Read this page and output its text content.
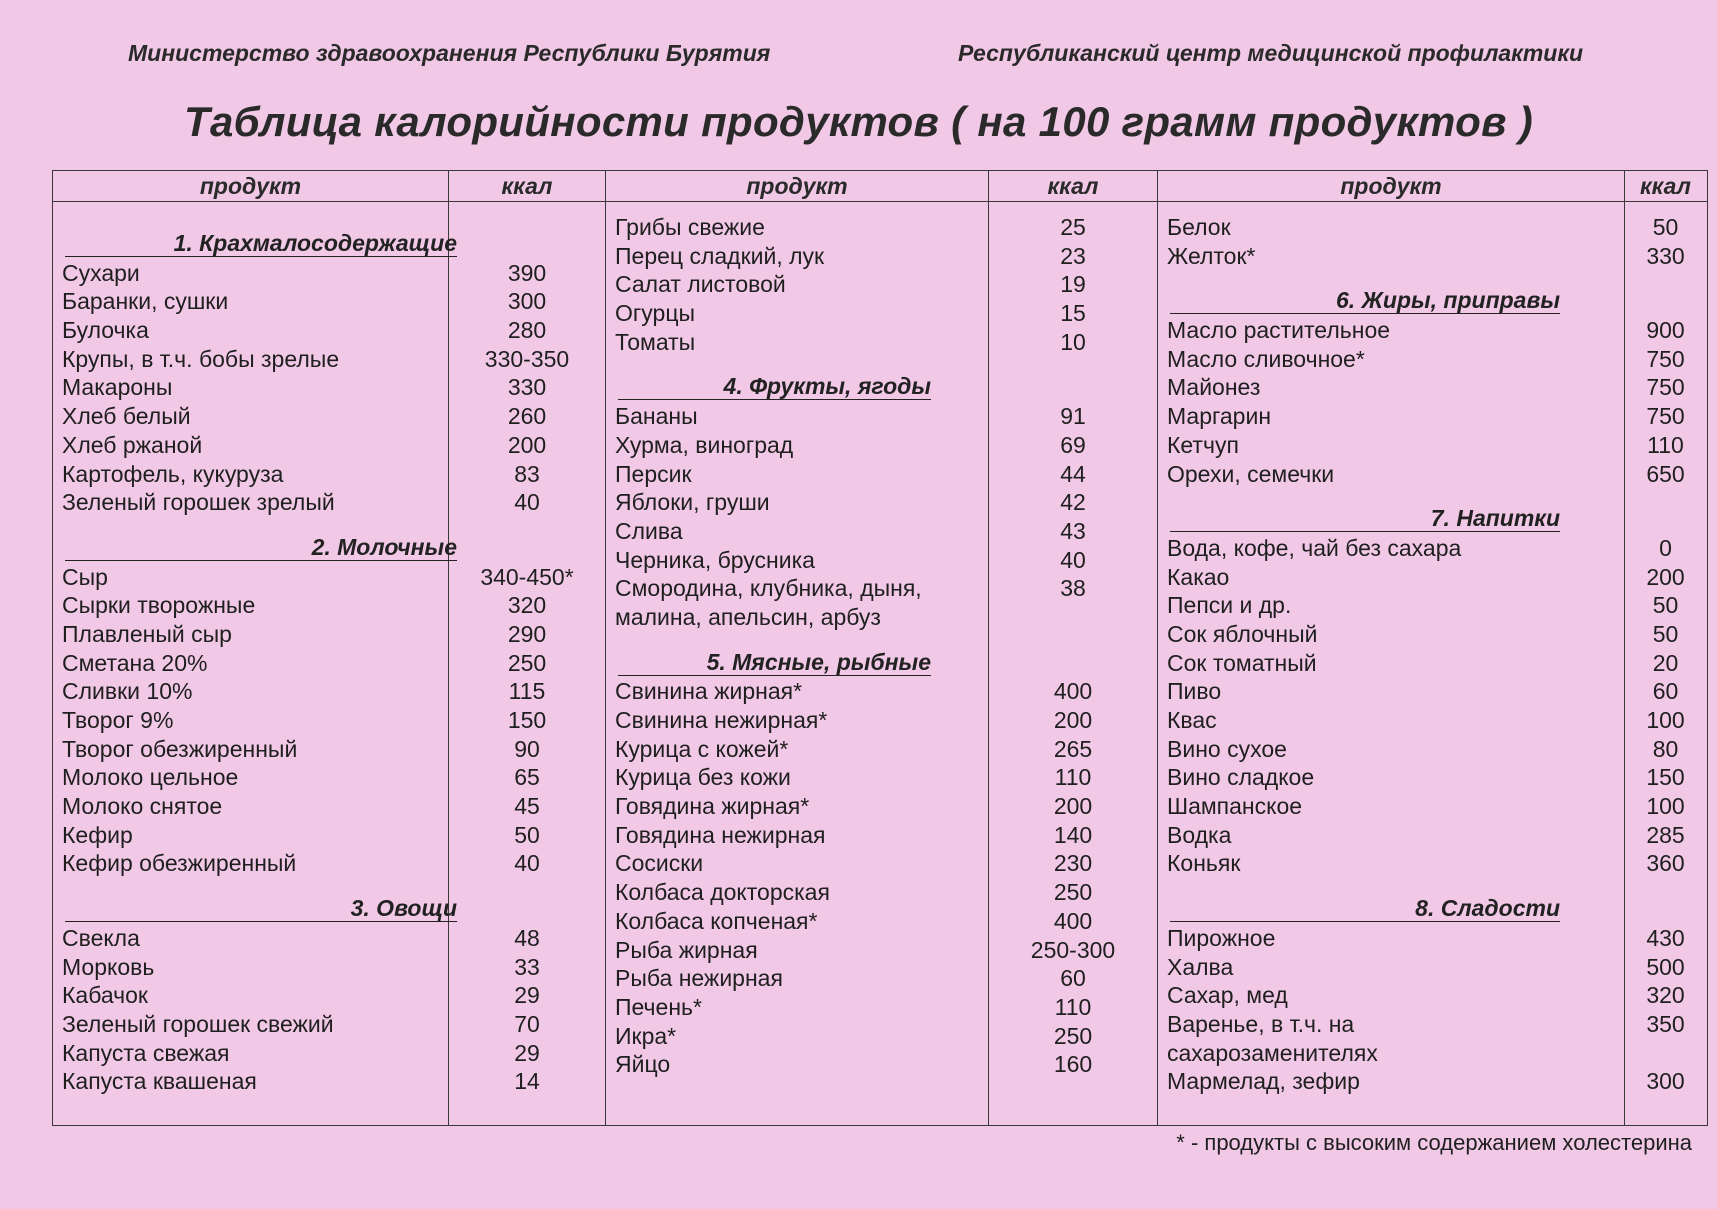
Министерство здравоохранения Республики Бурятия	Республиканский центр медицинской профилактики
Таблица калорийности продуктов ( на 100 грамм продуктов )
продукт	ккал
1. Крахмалосодержащие
Сухари	390
Баранки, сушки	300
Булочка	280
Крупы, в т.ч. бобы зрелые	330-350
Макароны	330
Хлеб белый	260
Хлеб ржаной	200
Картофель, кукуруза	83
Зеленый горошек зрелый	40
2. Молочные
Сыр	340-450*
Сырки творожные	320
Плавленый сыр	290
Сметана 20%	250
Сливки 10%	115
Творог 9%	150
Творог обезжиренный	90
Молоко цельное	65
Молоко снятое	45
Кефир	50
Кефир обезжиренный	40
3. Овощи
Свекла	48
Морковь	33
Кабачок	29
Зеленый горошек свежий	70
Капуста свежая	29
Капуста квашеная	14
продукт	ккал
Грибы свежие	25
Перец сладкий, лук	23
Салат листовой	19
Огурцы	15
Томаты	10
4. Фрукты, ягоды
Бананы	91
Хурма, виноград	69
Персик	44
Яблоки, груши	42
Слива	43
Черника, брусника	40
Смородина, клубника, дыня,	38
малина, апельсин, арбуз
5. Мясные, рыбные
Свинина жирная*	400
Свинина нежирная*	200
Курица с кожей*	265
Курица без кожи	110
Говядина жирная*	200
Говядина нежирная	140
Сосиски	230
Колбаса докторская	250
Колбаса копченая*	400
Рыба жирная	250-300
Рыба нежирная	60
Печень*	110
Икра*	250
Яйцо	160
продукт	ккал
Белок	50
Желток*	330
6. Жиры, приправы
Масло растительное	900
Масло сливочное*	750
Майонез	750
Маргарин	750
Кетчуп	110
Орехи, семечки	650
7. Напитки
Вода, кофе, чай без сахара	0
Какао	200
Пепси и др.	50
Сок яблочный	50
Сок томатный	20
Пиво	60
Квас	100
Вино сухое	80
Вино сладкое	150
Шампанское	100
Водка	285
Коньяк	360
8. Сладости
Пирожное	430
Халва	500
Сахар, мед	320
Варенье, в т.ч. на	350
сахарозаменителях
Мармелад, зефир	300
* - продукты с высоким содержанием холестерина
